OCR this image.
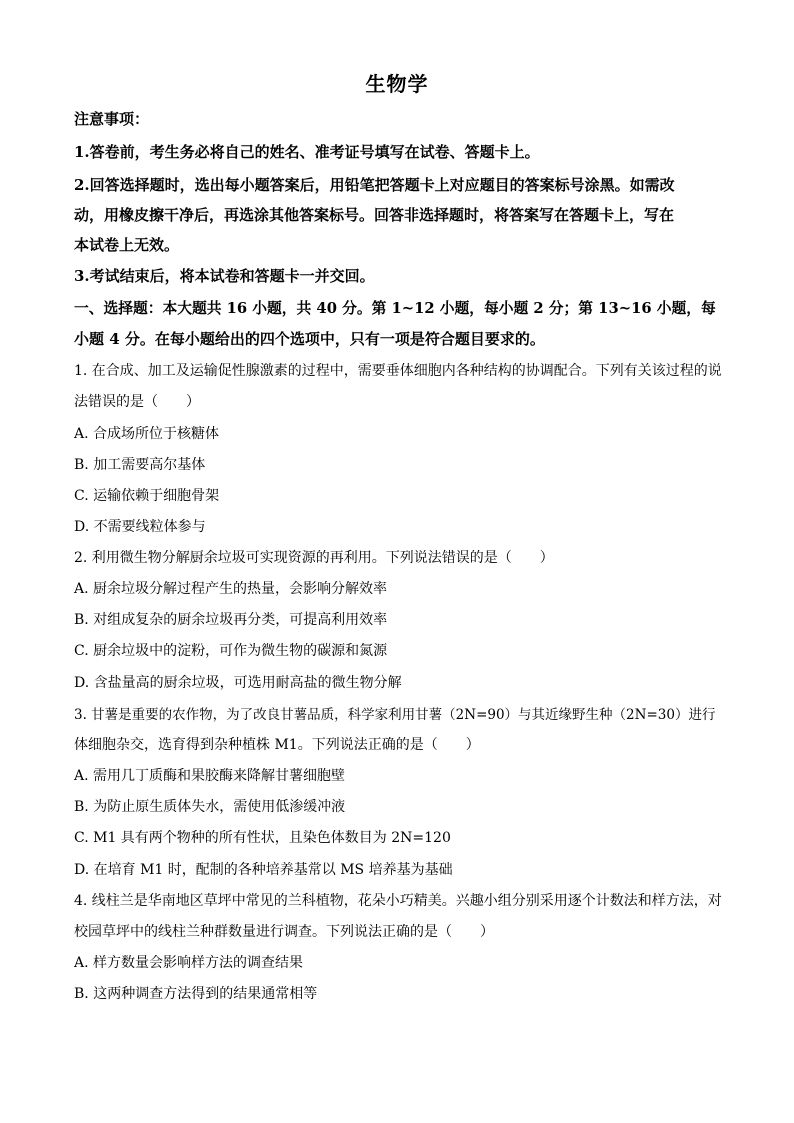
生物学
注意事项：
1.答卷前，考生务必将自己的姓名、准考证号填写在试卷、答题卡上。
2.回答选择题时，选出每小题答案后，用铅笔把答题卡上对应题目的答案标号涂黑。如需改
动，用橡皮擦干净后，再选涂其他答案标号。回答非选择题时，将答案写在答题卡上，写在
本试卷上无效。
3.考试结束后，将本试卷和答题卡一并交回。
一、选择题：本大题共 16 小题，共 40 分。第 1~12 小题，每小题 2 分；第 13~16 小题，每
小题 4 分。在每小题给出的四个选项中，只有一项是符合题目要求的。
1. 在合成、加工及运输促性腺激素的过程中，需要垂体细胞内各种结构的协调配合。下列有关该过程的说
法错误的是（　　）
A. 合成场所位于核糖体
B. 加工需要高尔基体
C. 运输依赖于细胞骨架
D. 不需要线粒体参与
2. 利用微生物分解厨余垃圾可实现资源的再利用。下列说法错误的是（　　）
A. 厨余垃圾分解过程产生的热量，会影响分解效率
B. 对组成复杂的厨余垃圾再分类，可提高利用效率
C. 厨余垃圾中的淀粉，可作为微生物的碳源和氮源
D. 含盐量高的厨余垃圾，可选用耐高盐的微生物分解
3. 甘薯是重要的农作物，为了改良甘薯品质，科学家利用甘薯（2N=90）与其近缘野生种（2N=30）进行
体细胞杂交，选育得到杂种植株 M1。下列说法正确的是（　　）
A. 需用几丁质酶和果胶酶来降解甘薯细胞壁
B. 为防止原生质体失水，需使用低渗缓冲液
C. M1 具有两个物种的所有性状，且染色体数目为 2N=120
D. 在培育 M1 时，配制的各种培养基常以 MS 培养基为基础
4. 线柱兰是华南地区草坪中常见的兰科植物，花朵小巧精美。兴趣小组分别采用逐个计数法和样方法，对
校园草坪中的线柱兰种群数量进行调查。下列说法正确的是（　　）
A. 样方数量会影响样方法的调查结果
B. 这两种调查方法得到的结果通常相等
